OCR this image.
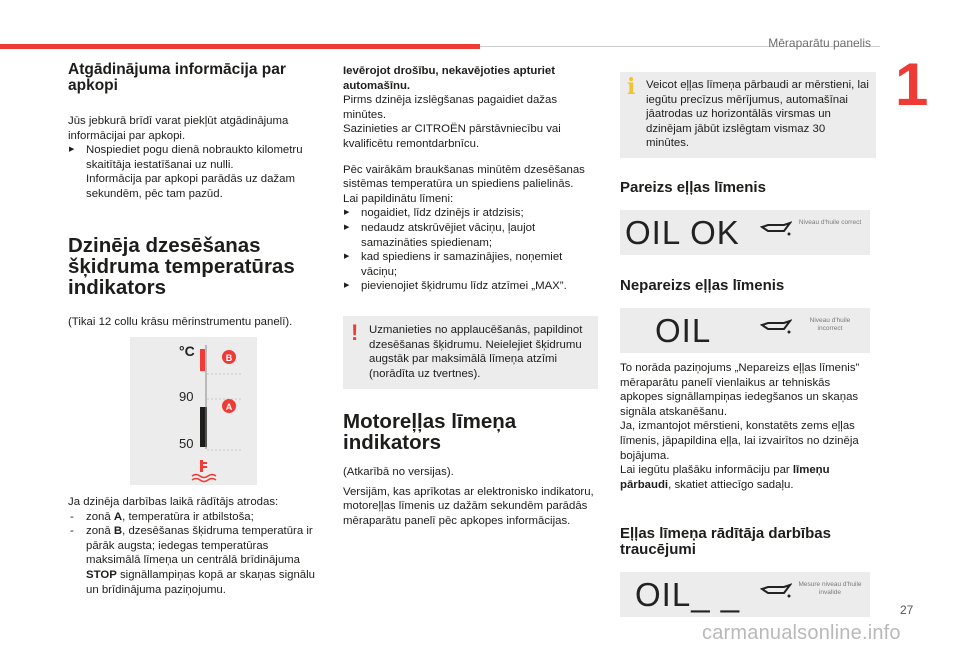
Mēraparātu panelis
1
Atgādinājuma informācija par apkopi

Jūs jebkurā brīdī varat piekļūt atgādinājuma informācijai par apkopi.

▶ Nospiediet pogu dienā nobraukto kilometru skaitītāja iestatīšanai uz nulli.
Informācija par apkopi parādās uz dažam sekundēm, pēc tam pazūd.
Dzinēja dzesēšanas šķidruma temperatūras indikators

(Tikai 12 collu krāsu mērinstrumentu panelī).

°C
90
50
B
A

Ja dzinēja darbības laikā rādītājs atrodas:

- zonā A, temperatūra ir atbilstoša;
- zonā B, dzesēšanas šķidruma temperatūra ir pārāk augsta; iedegas temperatūras maksimālā līmeņa un centrālā brīdinājuma STOP signāllampiņas kopā ar skaņas signālu un brīdinājuma paziņojumu.

Ievērojot drošību, nekavējoties apturiet automašīnu.

Pirms dzinēja izslēgšanas pagaidiet dažas minūtes.

Sazinieties ar CITROËN pārstāvniecību vai kvalificētu remontdarbnīcu.

Pēc vairākām braukšanas minūtēm dzesēšanas sistēmas temperatūra un spiediens palielinās.

Lai papildinātu līmeni:

▶ nogaidiet, līdz dzinējs ir atdzisis;
▶ nedaudz atskrūvējiet vāciņu, ļaujot samazināties spiedienam;
▶ kad spiediens ir samazinājies, noņemiet vāciņu;
▶ pievienojiet šķidrumu līdz atzīmei „MAX”.
! Uzmanieties no applaucēšanās, papildinot dzesēšanas šķidrumu. Neielejiet šķidrumu augstāk par maksimālā līmeņa atzīmi (norādīta uz tvertnes).

Motoreļļas līmeņa indikators

(Atkarībā no versijas).

Versijām, kas aprīkotas ar elektronisko indikatoru, motoreļļas līmenis uz dažām sekundēm parādās mēraparātu panelī pēc apkopes informācijas.

i Veicot eļļas līmeņa pārbaudi ar mērstieni, lai iegūtu precīzus mērījumus, automašīnai jāatrodas uz horizontālās virsmas un dzinējam jābūt izslēgtam vismaz 30 minūtes.

Pareizs eļļas līmenis
OIL OK	Niveau d'huile correct
Nepareizs eļļas līmenis
OIL	Niveau d'huile incorrect

To norāda paziņojums „Nepareizs eļļas līmenis” mēraparātu panelī vienlaikus ar tehniskās apkopes signāllampiņas iedegšanos un skaņas signāla atskanēšanu.

Ja, izmantojot mērstieni, konstatēts zems eļļas līmenis, jāpapildina eļļa, lai izvairītos no dzinēja bojājuma.

Lai iegūtu plašāku informāciju par līmeņu pārbaudi, skatiet attiecīgo sadaļu.

Eļļas līmeņa rādītāja darbības traucējumi
OIL_ _	Mesure niveau d'huile invalide
27
carmanualsonline.info
